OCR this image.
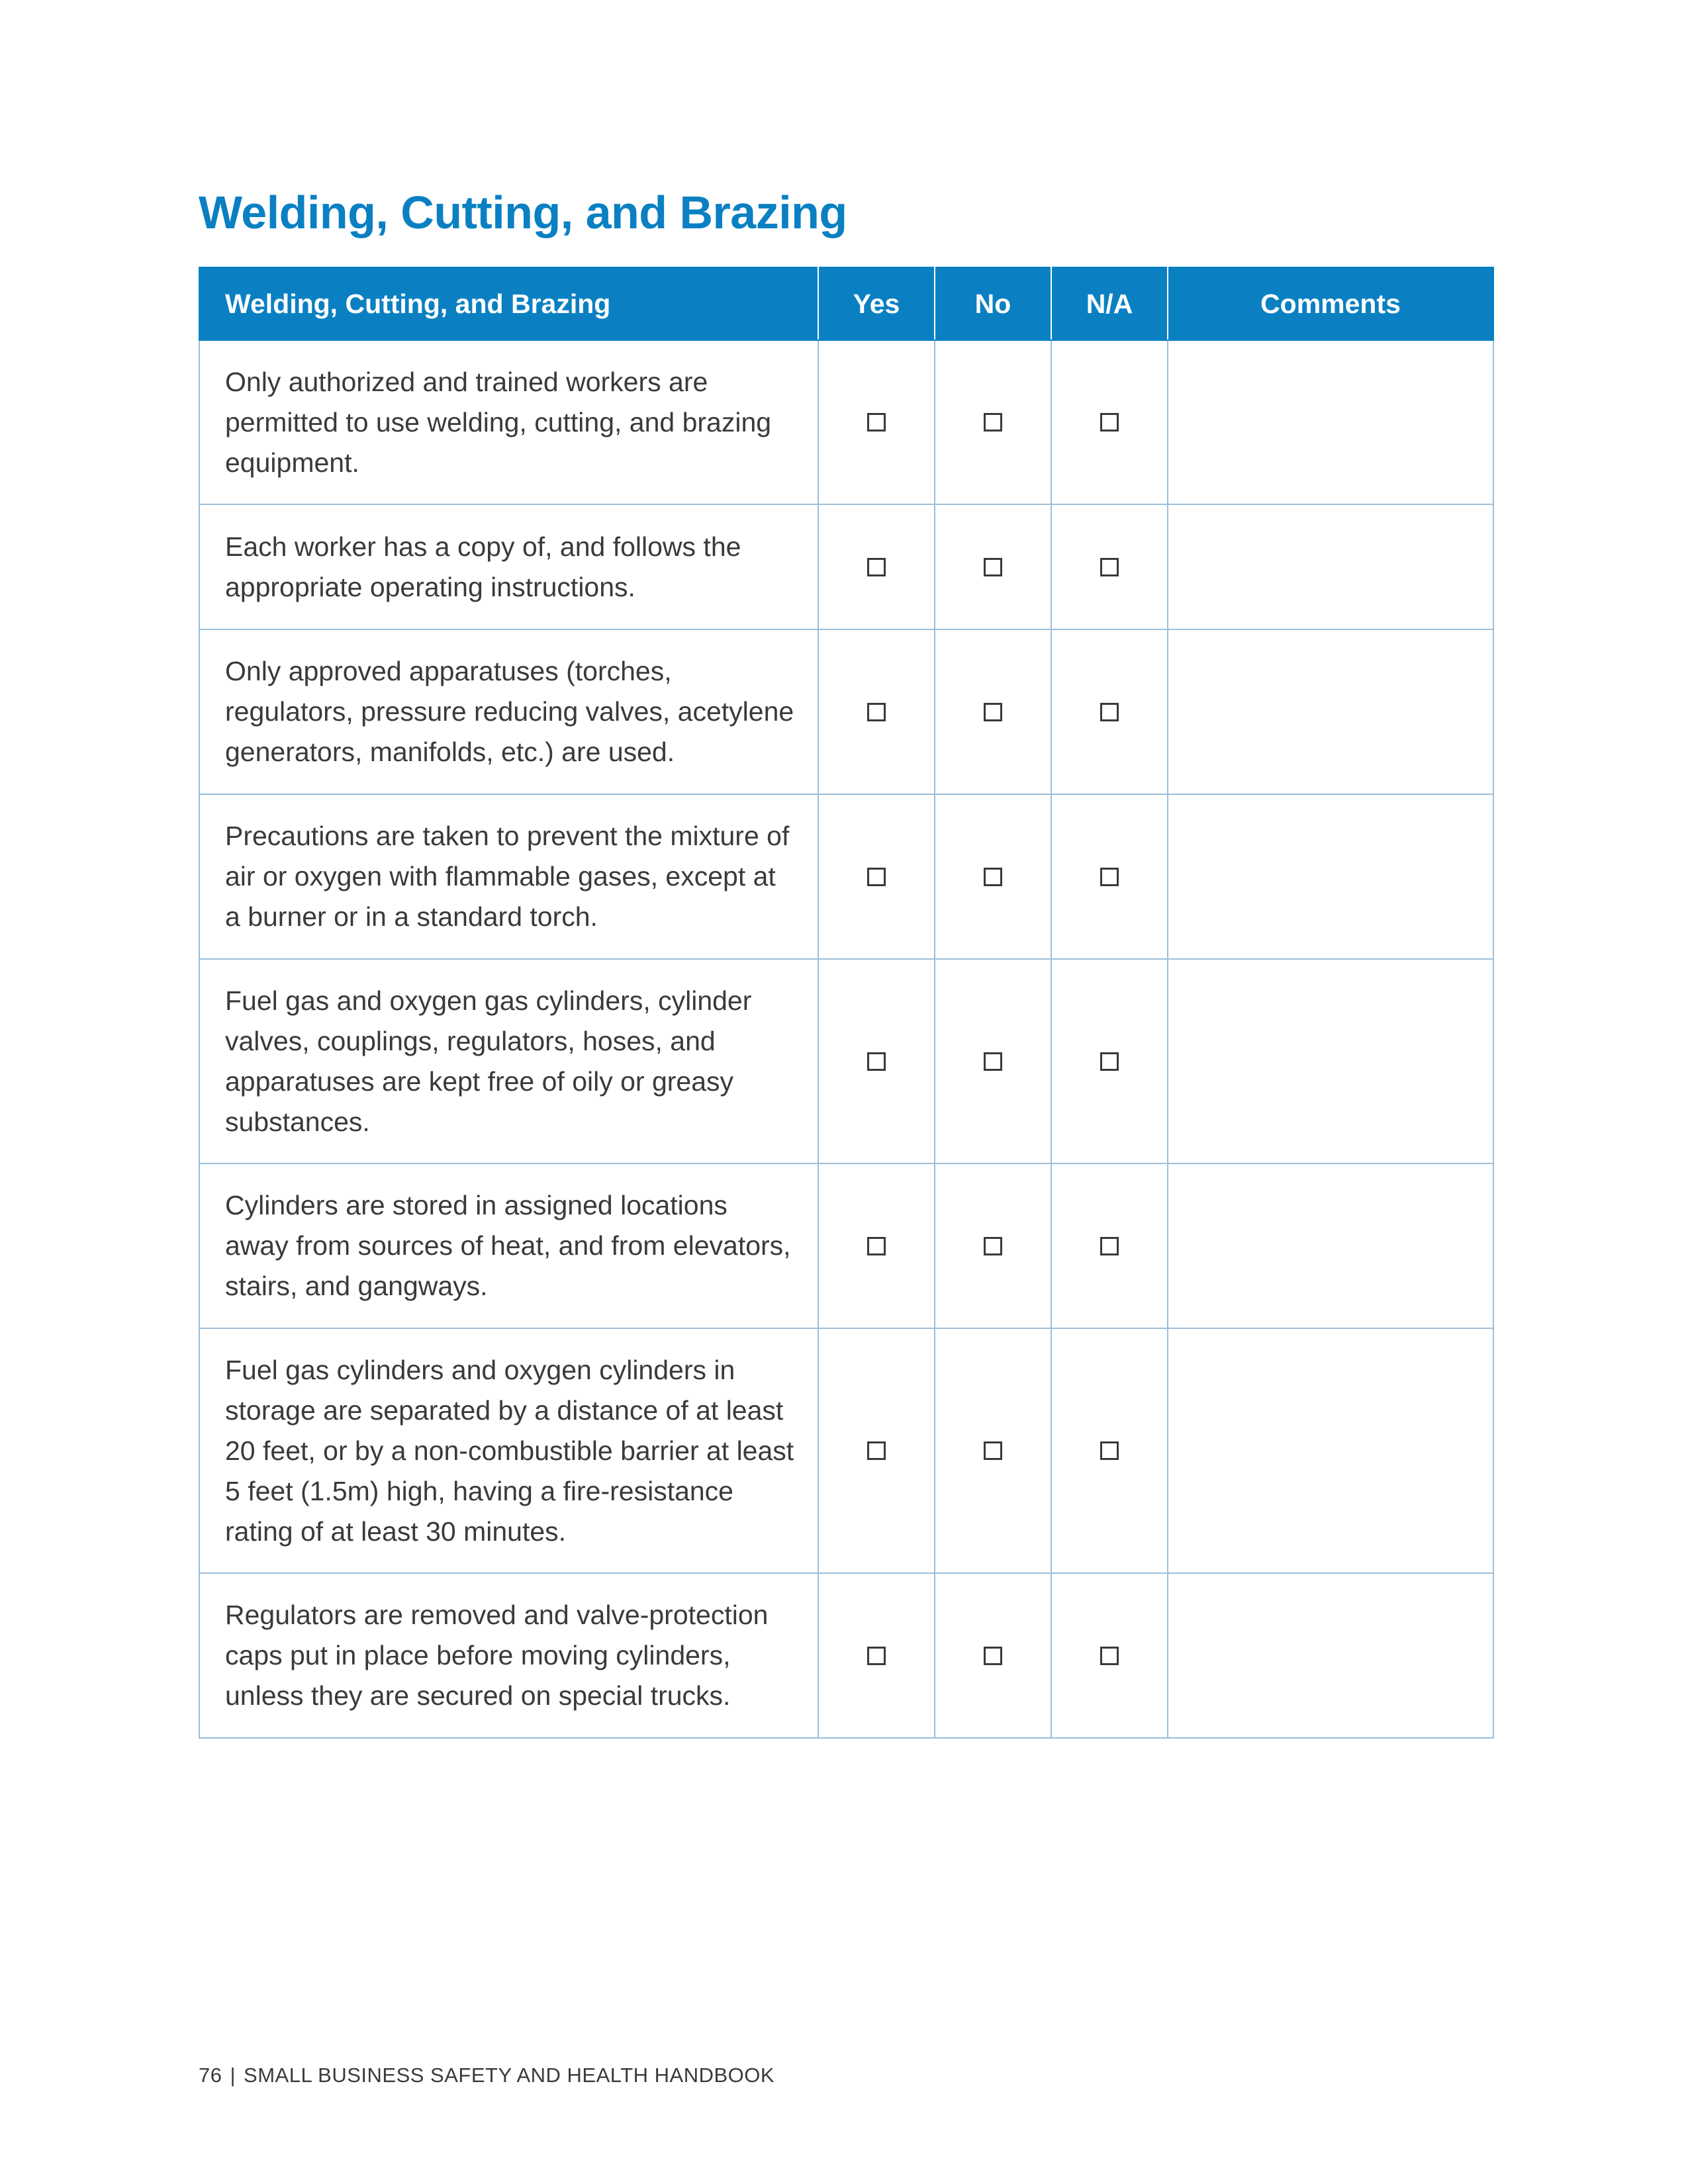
Welding, Cutting, and Brazing
Welding, Cutting, and Brazing	Yes	No	N/A	Comments
Only authorized and trained workers are permitted to use welding, cutting, and brazing equipment.				
Each worker has a copy of, and follows the appropriate operating instructions.				
Only approved apparatuses (torches, regulators, pressure reducing valves, acetylene generators, manifolds, etc.) are used.				
Precautions are taken to prevent the mixture of air or oxygen with flammable gases, except at a burner or in a standard torch.				
Fuel gas and oxygen gas cylinders, cylinder valves, couplings, regulators, hoses, and apparatuses are kept free of oily or greasy substances.				
Cylinders are stored in assigned locations away from sources of heat, and from elevators, stairs, and gangways.				
Fuel gas cylinders and oxygen cylinders in storage are separated by a distance of at least 20 feet, or by a non-combustible barrier at least 5 feet (1.5m) high, having a fire-resistance rating of at least 30 minutes.				
Regulators are removed and valve-protection caps put in place before moving cylinders, unless they are secured on special trucks.				
76 | SMALL BUSINESS SAFETY AND HEALTH HANDBOOK
